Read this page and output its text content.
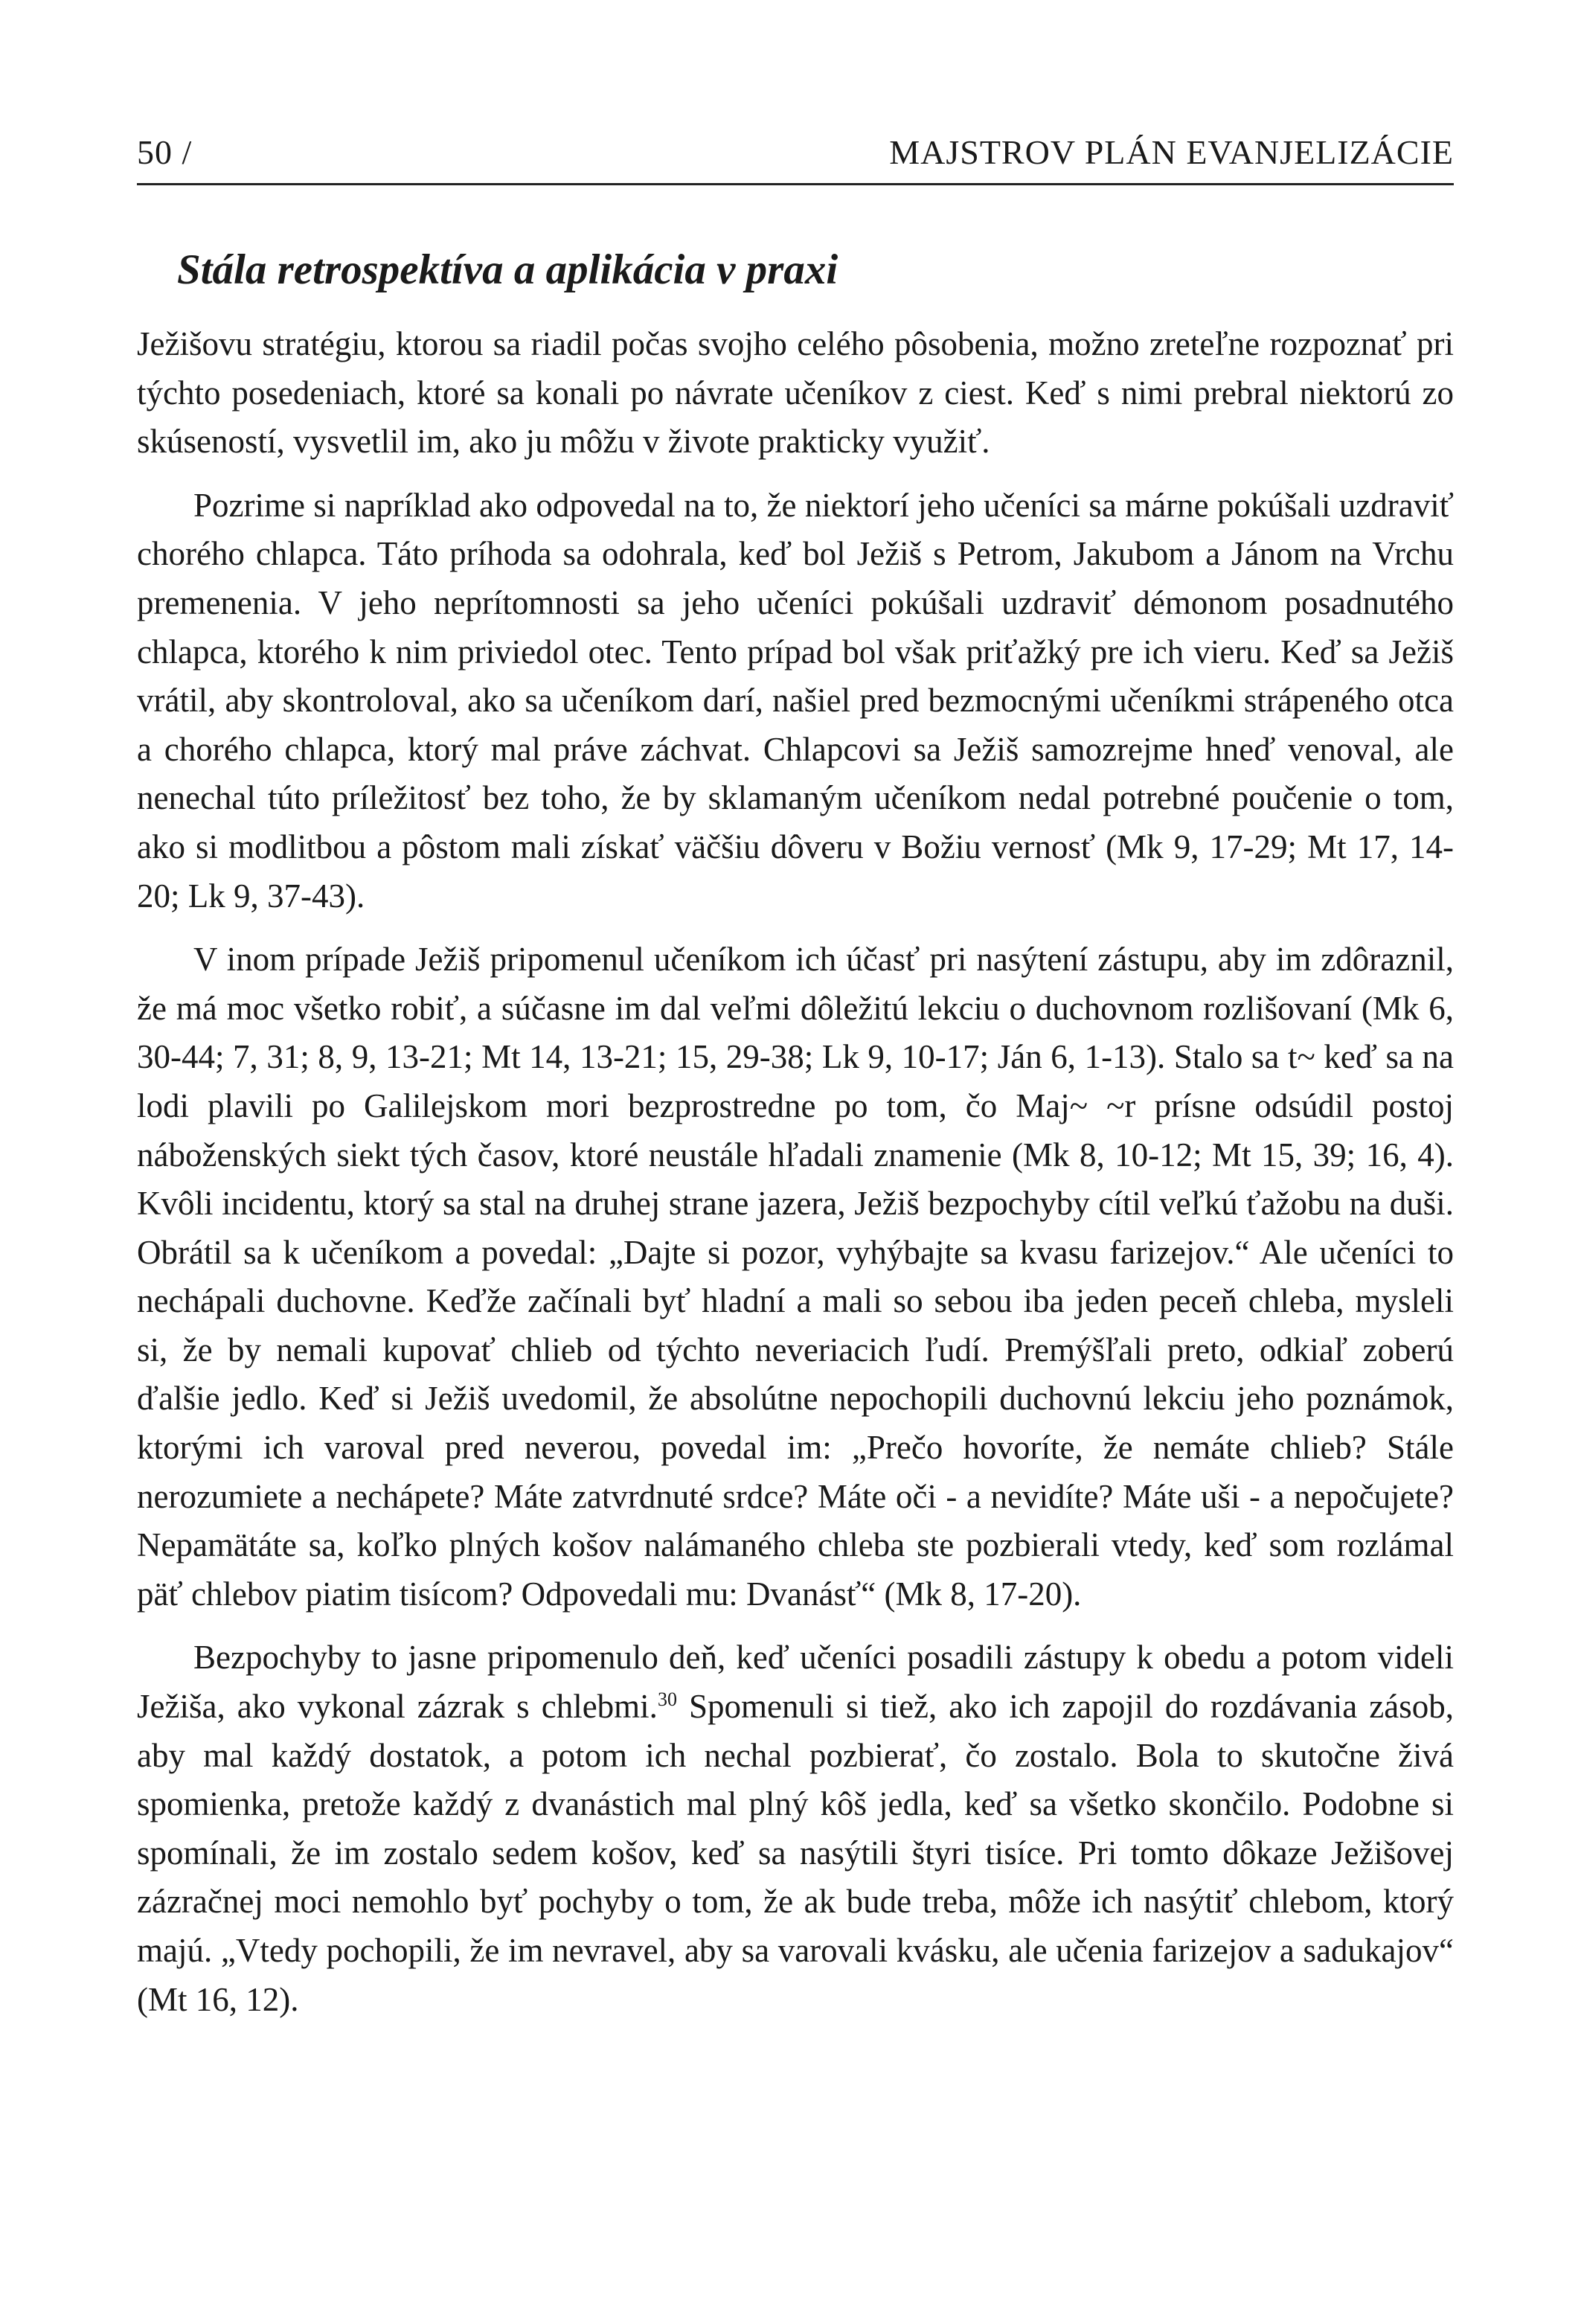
50 /	MAJSTROV PLÁN EVANJELIZÁCIE
Stála retrospektíva a aplikácia v praxi

Ježišovu stratégiu, ktorou sa riadil počas svojho celého pôsobenia, možno zreteľne rozpoznať pri týchto posedeniach, ktoré sa konali po návrate učeníkov z ciest. Keď s nimi prebral niektorú zo skúseností, vysvetlil im, ako ju môžu v živote prakticky využiť.

Pozrime si napríklad ako odpovedal na to, že niektorí jeho učeníci sa márne pokúšali uzdraviť chorého chlapca. Táto príhoda sa odohrala, keď bol Ježiš s Petrom, Jakubom a Jánom na Vrchu premenenia. V jeho neprítomnosti sa jeho učeníci pokúšali uzdraviť démonom posadnutého chlapca, ktorého k nim priviedol otec. Tento prípad bol však priťažký pre ich vieru. Keď sa Ježiš vrátil, aby skontroloval, ako sa učeníkom darí, našiel pred bezmocnými učeníkmi strápeného otca a chorého chlapca, ktorý mal práve záchvat. Chlapcovi sa Ježiš samozrejme hneď venoval, ale nenechal túto príležitosť bez toho, že by sklamaným učeníkom nedal potrebné poučenie o tom, ako si modlitbou a pôstom mali získať väčšiu dôveru v Božiu vernosť (Mk 9, 17-29; Mt 17, 14-20; Lk 9, 37-43).

V inom prípade Ježiš pripomenul učeníkom ich účasť pri nasýtení zástupu, aby im zdôraznil, že má moc všetko robiť, a súčasne im dal veľmi dôležitú lekciu o duchovnom rozlišovaní (Mk 6, 30-44; 7, 31; 8, 9, 13-21; Mt 14, 13-21; 15, 29-38; Lk 9, 10-17; Ján 6, 1-13). Stalo sa t~ keď sa na lodi plavili po Galilejskom mori bezprostredne po tom, čo Maj~ ~r prísne odsúdil postoj náboženských siekt tých časov, ktoré neustále hľadali znamenie (Mk 8, 10-12; Mt 15, 39; 16, 4). Kvôli incidentu, ktorý sa stal na druhej strane jazera, Ježiš bezpochyby cítil veľkú ťažobu na duši. Obrátil sa k učeníkom a povedal: „Dajte si pozor, vyhýbajte sa kvasu farizejov.“ Ale učeníci to nechápali duchovne. Keďže začínali byť hladní a mali so sebou iba jeden peceň chleba, mysleli si, že by nemali kupovať chlieb od týchto neveriacich ľudí. Premýšľali preto, odkiaľ zoberú ďalšie jedlo. Keď si Ježiš uvedomil, že absolútne nepochopili duchovnú lekciu jeho poznámok, ktorými ich varoval pred neverou, povedal im: „Prečo hovoríte, že nemáte chlieb? Stále nerozumiete a nechápete? Máte zatvrdnuté srdce? Máte oči - a nevidíte? Máte uši - a nepočujete? Nepamätáte sa, koľko plných košov nalámaného chleba ste pozbierali vtedy, keď som rozlámal päť chlebov piatim tisícom? Odpovedali mu: Dvanásť“ (Mk 8, 17-20).

Bezpochyby to jasne pripomenulo deň, keď učeníci posadili zástupy k obedu a potom videli Ježiša, ako vykonal zázrak s chlebmi.$^{30}$ Spomenuli si tiež, ako ich zapojil do rozdávania zásob, aby mal každý dostatok, a potom ich nechal pozbierať, čo zostalo. Bola to skutočne živá spomienka, pretože každý z dvanástich mal plný kôš jedla, keď sa všetko skončilo. Podobne si spomínali, že im zostalo sedem košov, keď sa nasýtili štyri tisíce. Pri tomto dôkaze Ježišovej zázračnej moci nemohlo byť pochyby o tom, že ak bude treba, môže ich nasýtiť chlebom, ktorý majú. „Vtedy pochopili, že im nevravel, aby sa varovali kvásku, ale učenia farizejov a sadukajov“ (Mt 16, 12).
